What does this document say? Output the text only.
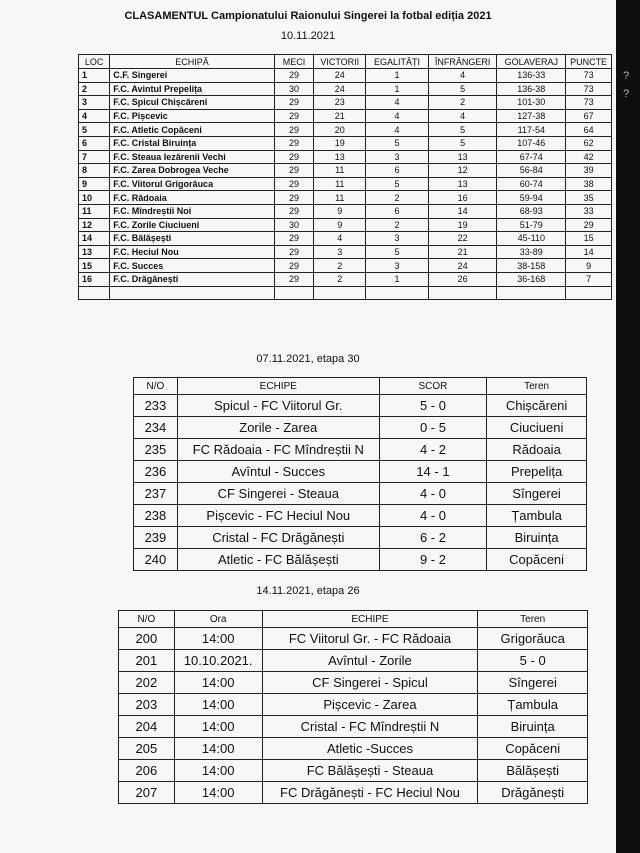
CLASAMENTUL Campionatului Raionului Singerei la fotbal ediția 2021
10.11.2021
LOC	ECHIPĂ	MECI	VICTORII	EGALITĂȚI	ÎNFRÂNGERI	GOLAVERAJ	PUNCTE
1	C.F. Singerei	29	24	1	4	136-33	73
2	F.C. Avintul Prepelița	30	24	1	5	136-38	73
3	F.C. Spicul Chișcăreni	29	23	4	2	101-30	73
4	F.C. Pișcevic	29	21	4	4	127-38	67
5	F.C. Atletic Copăceni	29	20	4	5	117-54	64
6	F.C. Cristal Biruința	29	19	5	5	107-46	62
7	F.C. Steaua Iezărenii Vechi	29	13	3	13	67-74	42
8	F.C. Zarea Dobrogea Veche	29	11	6	12	56-84	39
9	F.C. Viitorul Grigorăuca	29	11	5	13	60-74	38
10	F.C. Rădoaia	29	11	2	16	59-94	35
11	F.C. Mîndreștii Noi	29	9	6	14	68-93	33
12	F.C. Zorile Ciuciueni	30	9	2	19	51-79	29
14	F.C. Bălășești	29	4	3	22	45-110	15
13	F.C. Heciul Nou	29	3	5	21	33-89	14
15	F.C. Succes	29	2	3	24	38-158	9
16	F.C. Drăgănești	29	2	1	26	36-168	7

07.11.2021, etapa 30
N/O	ECHIPE	SCOR	Teren
233	Spicul - FC Viitorul Gr.	5 - 0	Chișcăreni
234	Zorile - Zarea	0 - 5	Ciuciueni
235	FC Rădoaia - FC Mîndreștii N	4 - 2	Rădoaia
236	Avîntul - Succes	14 - 1	Prepelița
237	CF Singerei - Steaua	4 - 0	Sîngerei
238	Pișcevic - FC Heciul Nou	4 - 0	Țambula
239	Cristal - FC Drăgănești	6 - 2	Biruința
240	Atletic - FC Bălășești	9 - 2	Copăceni
14.11.2021, etapa 26
N/O	Ora	ECHIPE	Teren
200	14:00	FC Viitorul Gr. - FC Rădoaia	Grigorăuca
201	10.10.2021.	Avîntul - Zorile	5 - 0
202	14:00	CF Singerei - Spicul	Sîngerei
203	14:00	Pișcevic - Zarea	Țambula
204	14:00	Cristal - FC Mîndreștii N	Biruința
205	14:00	Atletic -Succes	Copăceni
206	14:00	FC Bălășești - Steaua	Bălășești
207	14:00	FC Drăgănești - FC Heciul Nou	Drăgănești
?
?
